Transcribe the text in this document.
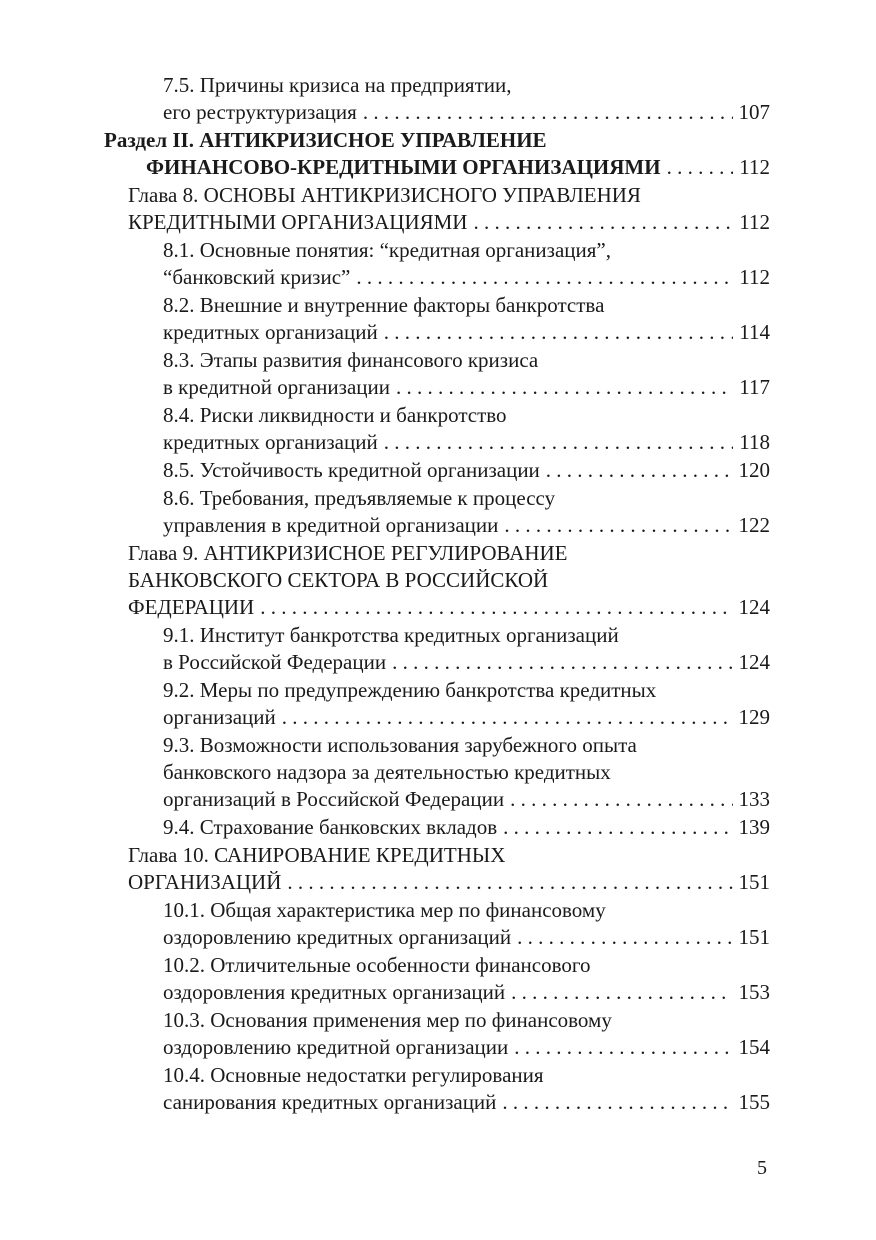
7.5. Причины кризиса на предприятии,
его реструктуризация . . .	107
Раздел II. АНТИКРИЗИСНОЕ УПРАВЛЕНИЕ
ФИНАНСОВО-КРЕДИТНЫМИ ОРГАНИЗАЦИЯМИ . . .	112
Глава 8. ОСНОВЫ АНТИКРИЗИСНОГО УПРАВЛЕНИЯ
КРЕДИТНЫМИ ОРГАНИЗАЦИЯМИ . . .	112
8.1. Основные понятия: “кредитная организация”,
“банковский кризис” . . .	112
8.2. Внешние и внутренние факторы банкротства
кредитных организаций . . .	114
8.3. Этапы развития финансового кризиса
в кредитной организации . . .	117
8.4. Риски ликвидности и банкротство
кредитных организаций . . .	118
8.5. Устойчивость кредитной организации . . .	120
8.6. Требования, предъявляемые к процессу
управления в кредитной организации . . .	122
Глава 9. АНТИКРИЗИСНОЕ РЕГУЛИРОВАНИЕ
БАНКОВСКОГО СЕКТОРА В РОССИЙСКОЙ
ФЕДЕРАЦИИ . . .	124
9.1. Институт банкротства кредитных организаций
в Российской Федерации . . .	124
9.2. Меры по предупреждению банкротства кредитных
организаций . . .	129
9.3. Возможности использования зарубежного опыта
банковского надзора за деятельностью кредитных
организаций в Российской Федерации . . .	133
9.4. Страхование банковских вкладов . . .	139
Глава 10. САНИРОВАНИЕ КРЕДИТНЫХ
ОРГАНИЗАЦИЙ . . .	151
10.1. Общая характеристика мер по финансовому
оздоровлению кредитных организаций . . .	151
10.2. Отличительные особенности финансового
оздоровления кредитных организаций . . .	153
10.3. Основания применения мер по финансовому
оздоровлению кредитной организации . . .	154
10.4. Основные недостатки регулирования
санирования кредитных организаций . . .	155
5
